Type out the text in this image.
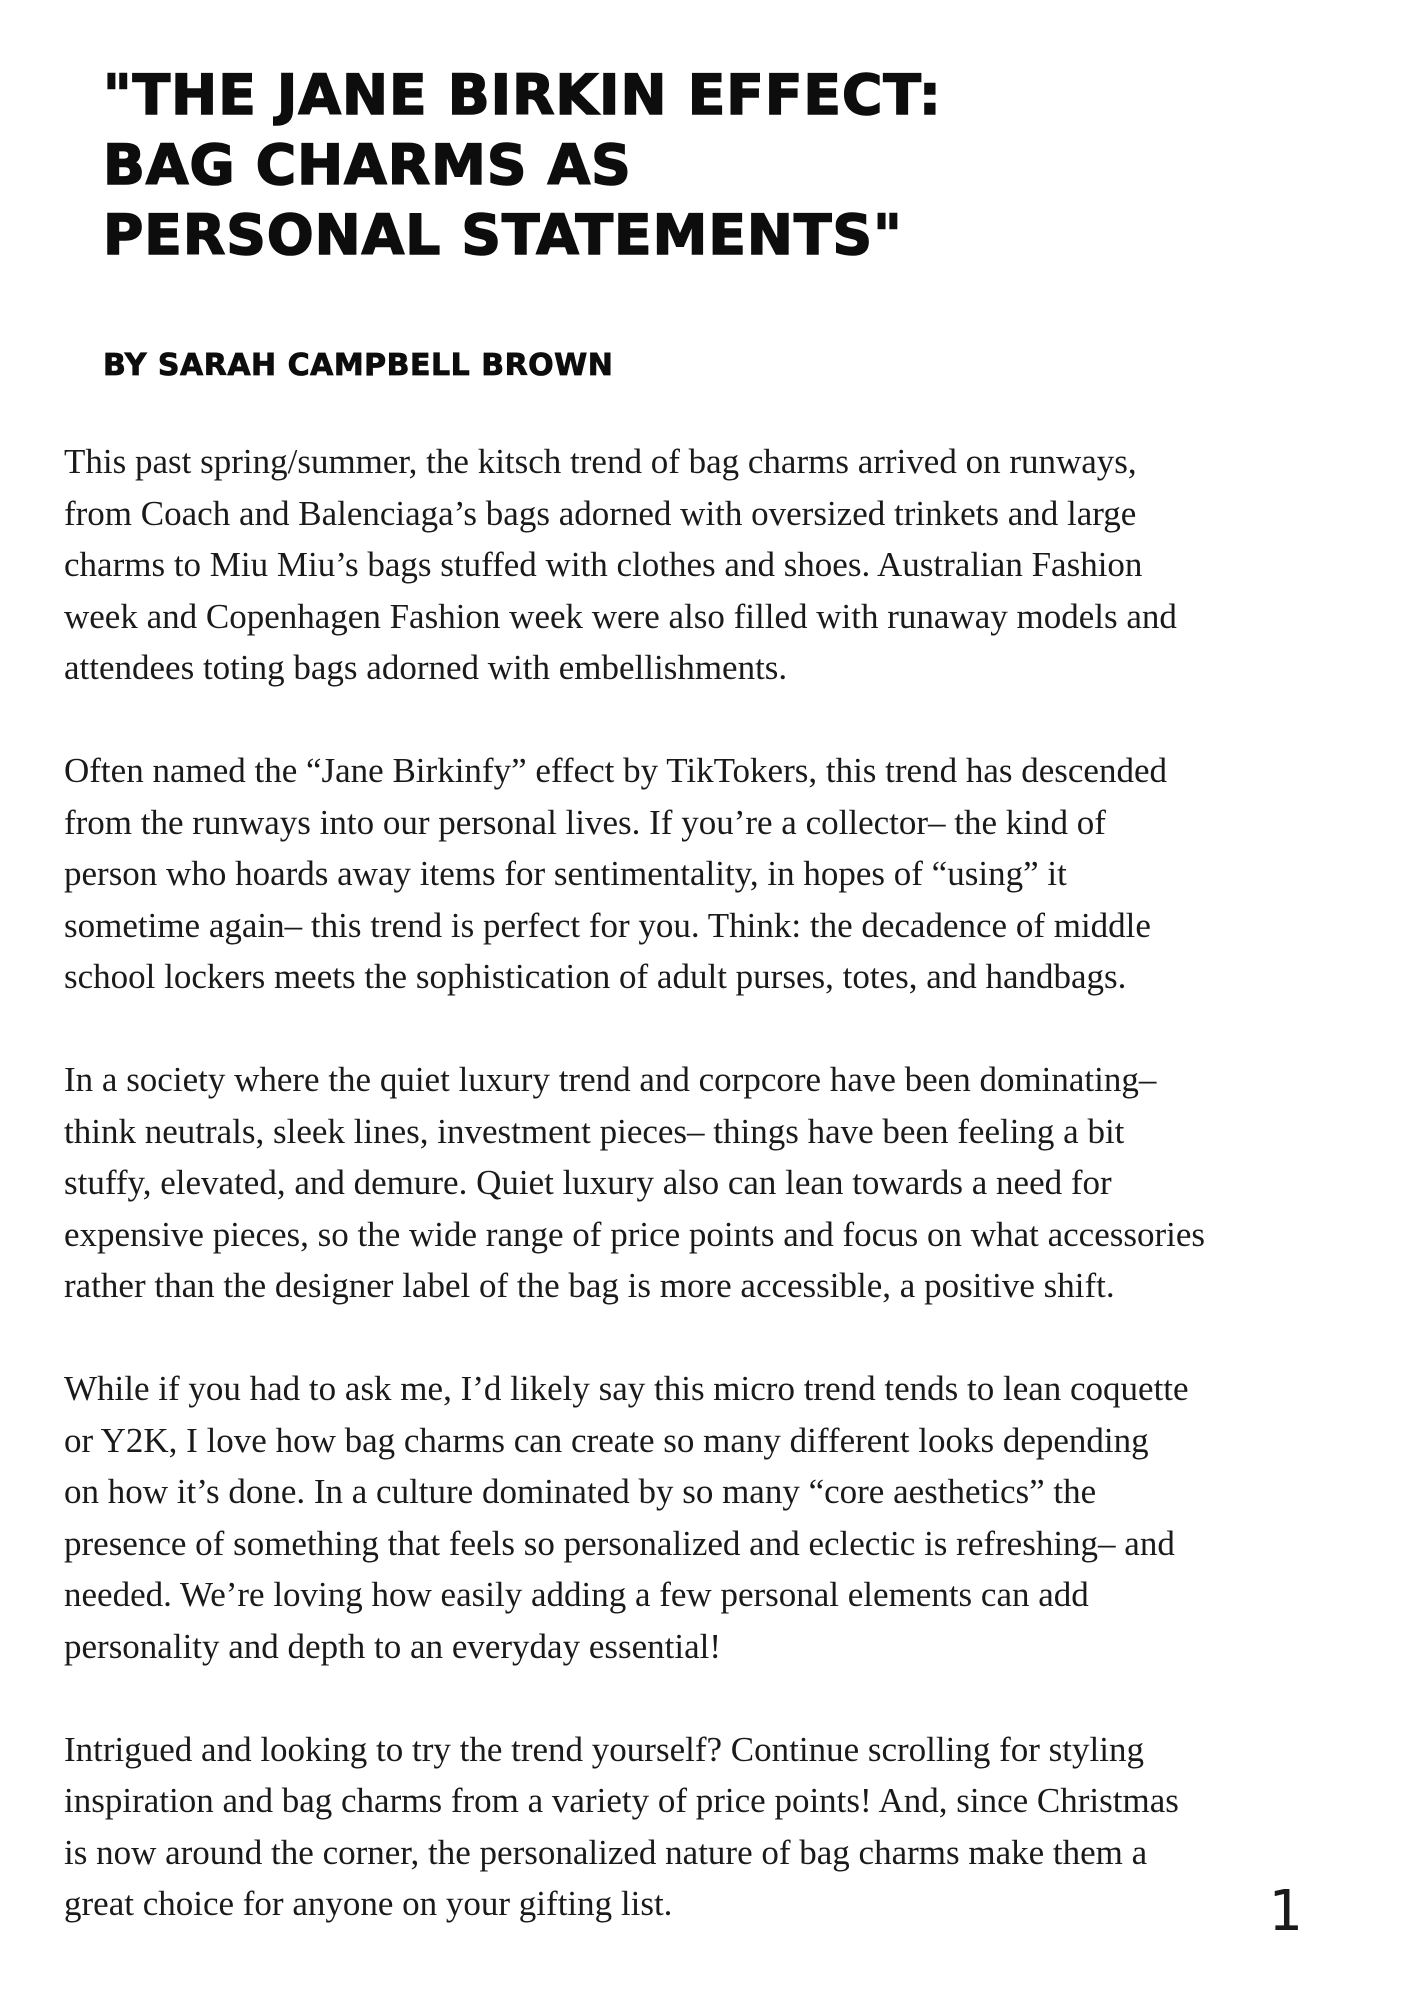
"THE JANE BIRKIN EFFECT:
BAG CHARMS AS
PERSONAL STATEMENTS"

BY SARAH CAMPBELL BROWN

This past spring/summer, the kitsch trend of bag charms arrived on runways,
from Coach and Balenciaga’s bags adorned with oversized trinkets and large
charms to Miu Miu’s bags stuffed with clothes and shoes. Australian Fashion
week and Copenhagen Fashion week were also filled with runaway models and
attendees toting bags adorned with embellishments.

Often named the “Jane Birkinfy” effect by TikTokers, this trend has descended
from the runways into our personal lives. If you’re a collector– the kind of
person who hoards away items for sentimentality, in hopes of “using” it
sometime again– this trend is perfect for you. Think: the decadence of middle
school lockers meets the sophistication of adult purses, totes, and handbags.

In a society where the quiet luxury trend and corpcore have been dominating–
think neutrals, sleek lines, investment pieces– things have been feeling a bit
stuffy, elevated, and demure. Quiet luxury also can lean towards a need for
expensive pieces, so the wide range of price points and focus on what accessories
rather than the designer label of the bag is more accessible, a positive shift.

While if you had to ask me, I’d likely say this micro trend tends to lean coquette
or Y2K, I love how bag charms can create so many different looks depending
on how it’s done. In a culture dominated by so many “core aesthetics” the
presence of something that feels so personalized and eclectic is refreshing– and
needed. We’re loving how easily adding a few personal elements can add
personality and depth to an everyday essential!

Intrigued and looking to try the trend yourself? Continue scrolling for styling
inspiration and bag charms from a variety of price points! And, since Christmas
is now around the corner, the personalized nature of bag charms make them a
great choice for anyone on your gifting list.	1
